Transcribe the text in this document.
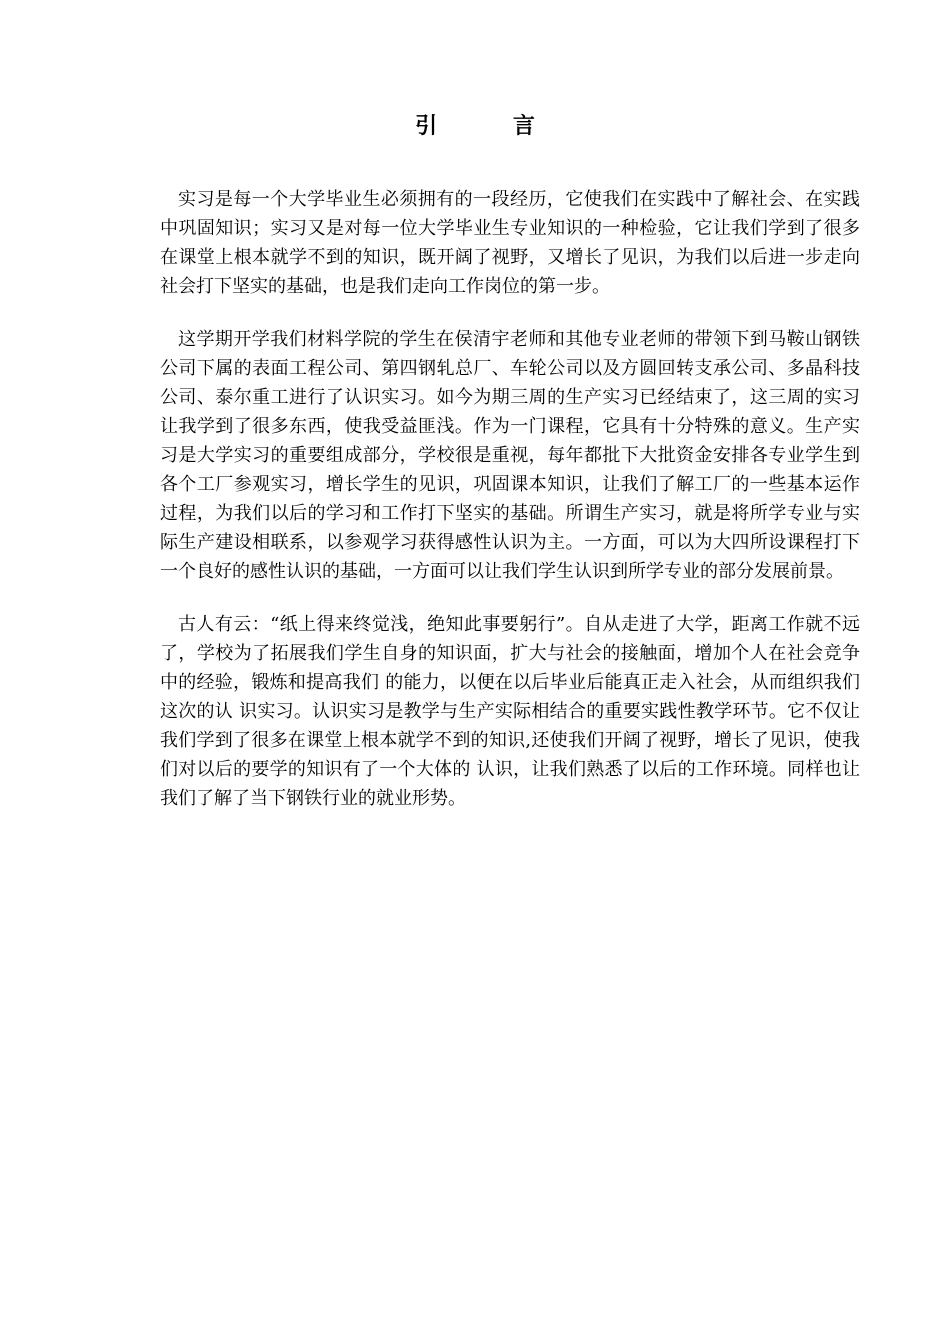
引 言

实习是每一个大学毕业生必须拥有的一段经历，它使我们在实践中了解社会、在实践中巩固知识；实习又是对每一位大学毕业生专业知识的一种检验，它让我们学到了很多在课堂上根本就学不到的知识，既开阔了视野，又增长了见识，为我们以后进一步走向社会打下坚实的基础，也是我们走向工作岗位的第一步。

这学期开学我们材料学院的学生在侯清宇老师和其他专业老师的带领下到马鞍山钢铁公司下属的表面工程公司、第四钢轧总厂、车轮公司以及方圆回转支承公司、多晶科技公司、泰尔重工进行了认识实习。如今为期三周的生产实习已经结束了，这三周的实习让我学到了很多东西，使我受益匪浅。作为一门课程，它具有十分特殊的意义。生产实习是大学实习的重要组成部分，学校很是重视，每年都批下大批资金安排各专业学生到各个工厂参观实习，增长学生的见识，巩固课本知识，让我们了解工厂的一些基本运作过程，为我们以后的学习和工作打下坚实的基础。所谓生产实习，就是将所学专业与实际生产建设相联系，以参观学习获得感性认识为主。一方面，可以为大四所设课程打下一个良好的感性认识的基础，一方面可以让我们学生认识到所学专业的部分发展前景。

古人有云：“纸上得来终觉浅，绝知此事要躬行”。自从走进了大学，距离工作就不远了，学校为了拓展我们学生自身的知识面，扩大与社会的接触面，增加个人在社会竞争中的经验，锻炼和提高我们 的能力，以便在以后毕业后能真正走入社会，从而组织我们这次的认 识实习。认识实习是教学与生产实际相结合的重要实践性教学环节。它不仅让我们学到了很多在课堂上根本就学不到的知识,还使我们开阔了视野，增长了见识，使我们对以后的要学的知识有了一个大体的 认识，让我们熟悉了以后的工作环境。同样也让我们了解了当下钢铁行业的就业形势。
